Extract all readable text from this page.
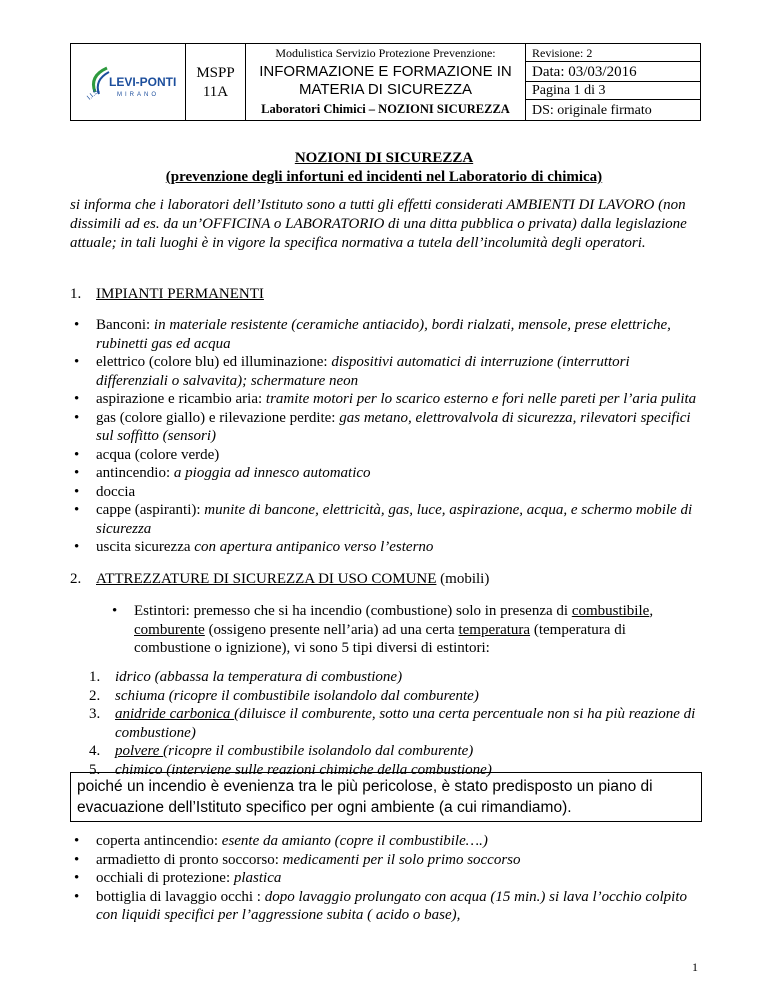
I.I.S.
LEVI-PONTI
MIRANO
MSPP 11A
Modulistica Servizio Protezione Prevenzione:
INFORMAZIONE E FORMAZIONE IN MATERIA DI SICUREZZA
Laboratori Chimici – NOZIONI SICUREZZA
Revisione: 2
Data: 03/03/2016
Pagina 1 di 3
DS: originale firmato
NOZIONI DI SICUREZZA
(prevenzione degli infortuni ed incidenti nel Laboratorio di chimica)
si informa che i laboratori dell’Istituto sono a tutti gli effetti considerati AMBIENTI DI LAVORO (non dissimili ad es. da un’OFFICINA o LABORATORIO di una ditta pubblica o privata) dalla legislazione attuale; in tali luoghi è in vigore la specifica normativa a tutela dell’incolumità degli operatori.
1. IMPIANTI PERMANENTI
• Banconi: in materiale resistente (ceramiche antiacido), bordi rialzati, mensole, prese elettriche, rubinetti gas ed acqua
• elettrico (colore blu) ed illuminazione: dispositivi automatici di interruzione (interruttori differenziali o salvavita); schermature neon
• aspirazione e ricambio aria: tramite motori per lo scarico esterno e fori nelle pareti per l’aria pulita
• gas (colore giallo) e rilevazione perdite: gas metano, elettrovalvola di sicurezza, rilevatori specifici sul soffitto (sensori)
• acqua (colore verde)
• antincendio: a pioggia ad innesco automatico
• doccia
• cappe (aspiranti): munite di bancone, elettricità, gas, luce, aspirazione, acqua, e schermo mobile di sicurezza
• uscita sicurezza con apertura antipanico verso l’esterno
2. ATTREZZATURE DI SICUREZZA DI USO COMUNE (mobili)
• Estintori: premesso che si ha incendio (combustione) solo in presenza di combustibile, comburente (ossigeno presente nell’aria) ad una certa temperatura (temperatura di combustione o ignizione), vi sono 5 tipi diversi di estintori:
1. idrico (abbassa la temperatura di combustione)
2. schiuma (ricopre il combustibile isolandolo dal comburente)
3. anidride carbonica (diluisce il comburente, sotto una certa percentuale non si ha più reazione di combustione)
4. polvere (ricopre il combustibile isolandolo dal comburente)
5. chimico (interviene sulle reazioni chimiche della combustione)
poiché un incendio è evenienza tra le più pericolose, è stato predisposto un piano di evacuazione dell’Istituto specifico per ogni ambiente (a cui rimandiamo).
• coperta antincendio: esente da amianto (copre il combustibile….)
• armadietto di pronto soccorso: medicamenti per il solo primo soccorso
• occhiali di protezione: plastica
• bottiglia di lavaggio occhi : dopo lavaggio prolungato con acqua (15 min.) si lava l’occhio colpito con liquidi specifici per l’aggressione subita ( acido o base),
1
